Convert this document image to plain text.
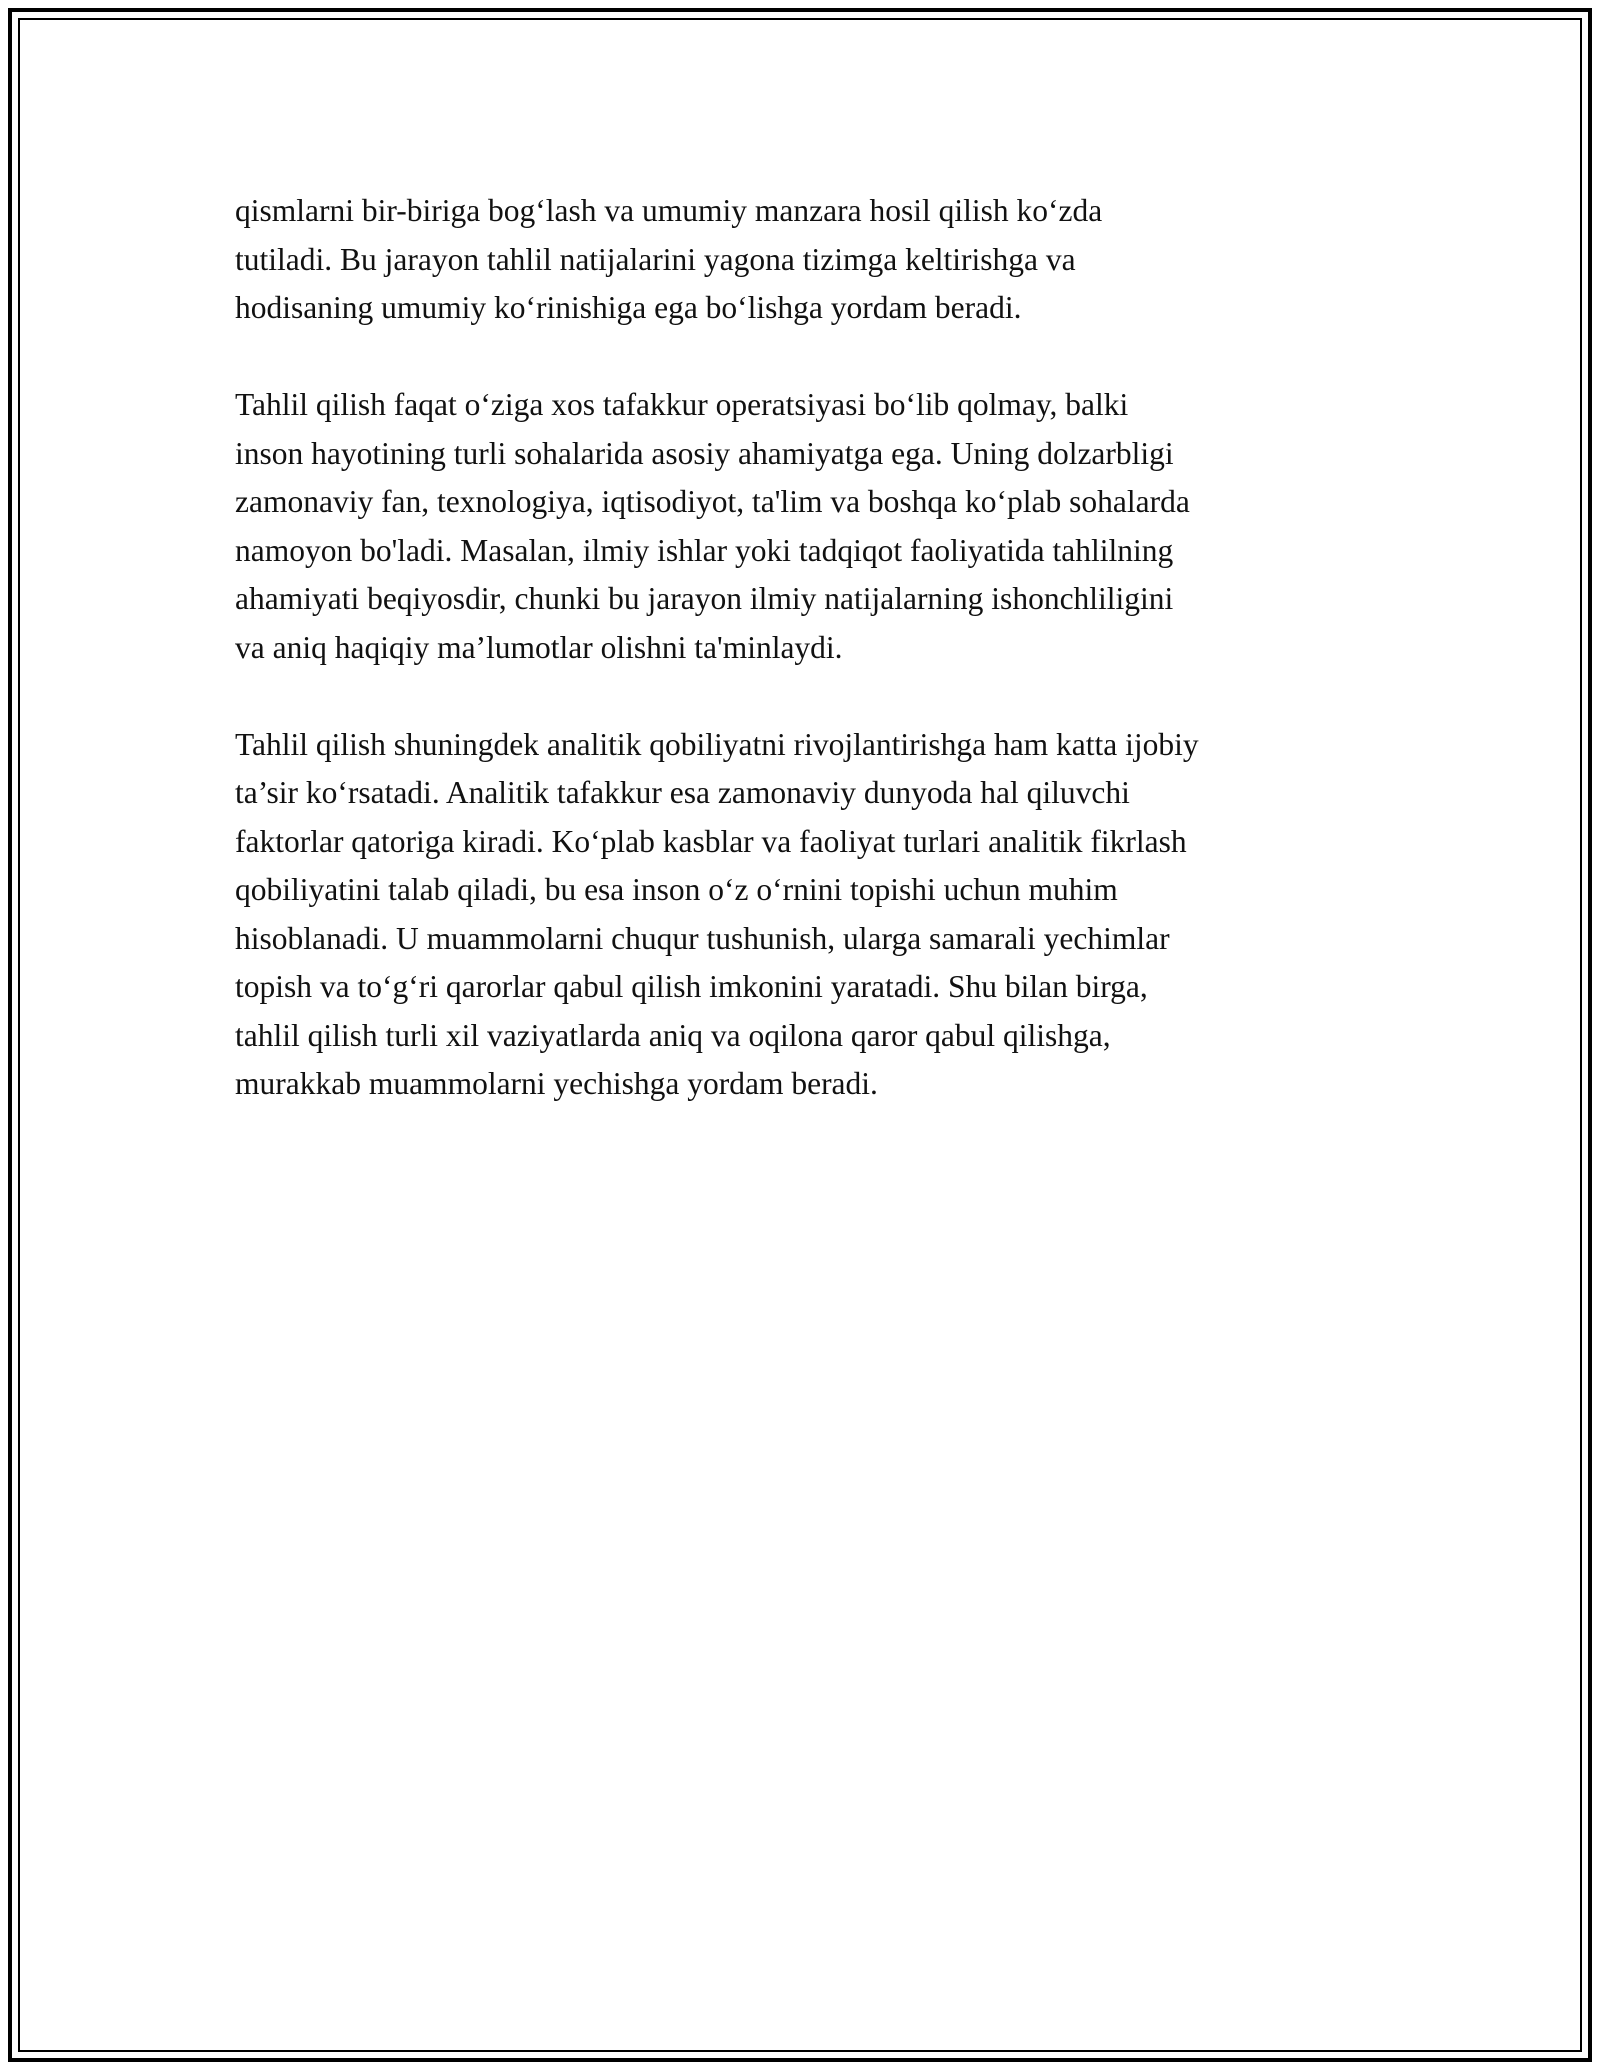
qismlarni bir-biriga bog‘lash va umumiy manzara hosil qilish ko‘zda
tutiladi. Bu jarayon tahlil natijalarini yagona tizimga keltirishga va
hodisaning umumiy ko‘rinishiga ega bo‘lishga yordam beradi.

Tahlil qilish faqat o‘ziga xos tafakkur operatsiyasi bo‘lib qolmay, balki
inson hayotining turli sohalarida asosiy ahamiyatga ega. Uning dolzarbligi
zamonaviy fan, texnologiya, iqtisodiyot, ta'lim va boshqa ko‘plab sohalarda
namoyon bo'ladi. Masalan, ilmiy ishlar yoki tadqiqot faoliyatida tahlilning
ahamiyati beqiyosdir, chunki bu jarayon ilmiy natijalarning ishonchliligini
va aniq haqiqiy ma’lumotlar olishni ta'minlaydi.

Tahlil qilish shuningdek analitik qobiliyatni rivojlantirishga ham katta ijobiy
ta’sir ko‘rsatadi. Analitik tafakkur esa zamonaviy dunyoda hal qiluvchi
faktorlar qatoriga kiradi. Ko‘plab kasblar va faoliyat turlari analitik fikrlash
qobiliyatini talab qiladi, bu esa inson o‘z o‘rnini topishi uchun muhim
hisoblanadi. U muammolarni chuqur tushunish, ularga samarali yechimlar
topish va to‘g‘ri qarorlar qabul qilish imkonini yaratadi. Shu bilan birga,
tahlil qilish turli xil vaziyatlarda aniq va oqilona qaror qabul qilishga,
murakkab muammolarni yechishga yordam beradi.
